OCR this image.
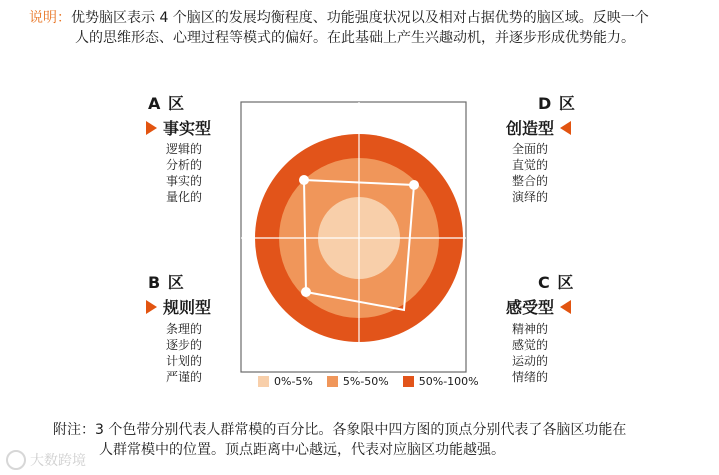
说明：优势脑区表示 4 个脑区的发展均衡程度、功能强度状况以及相对占据优势的脑区域。反映一个
人的思维形态、心理过程等模式的偏好。在此基础上产生兴趣动机，并逐步形成优势能力。
A 区
事实型
逻辑的分析的事实的量化的
D 区
创造型
全面的直觉的整合的演绎的
B 区
规则型
条理的逐步的计划的严谨的
C 区
感受型
精神的感觉的运动的情绪的
0%-5%	5%-50%	50%-100%
附注：3 个色带分别代表人群常模的百分比。各象限中四方图的顶点分别代表了各脑区功能在
人群常模中的位置。顶点距离中心越远，代表对应脑区功能越强。
大数跨境
